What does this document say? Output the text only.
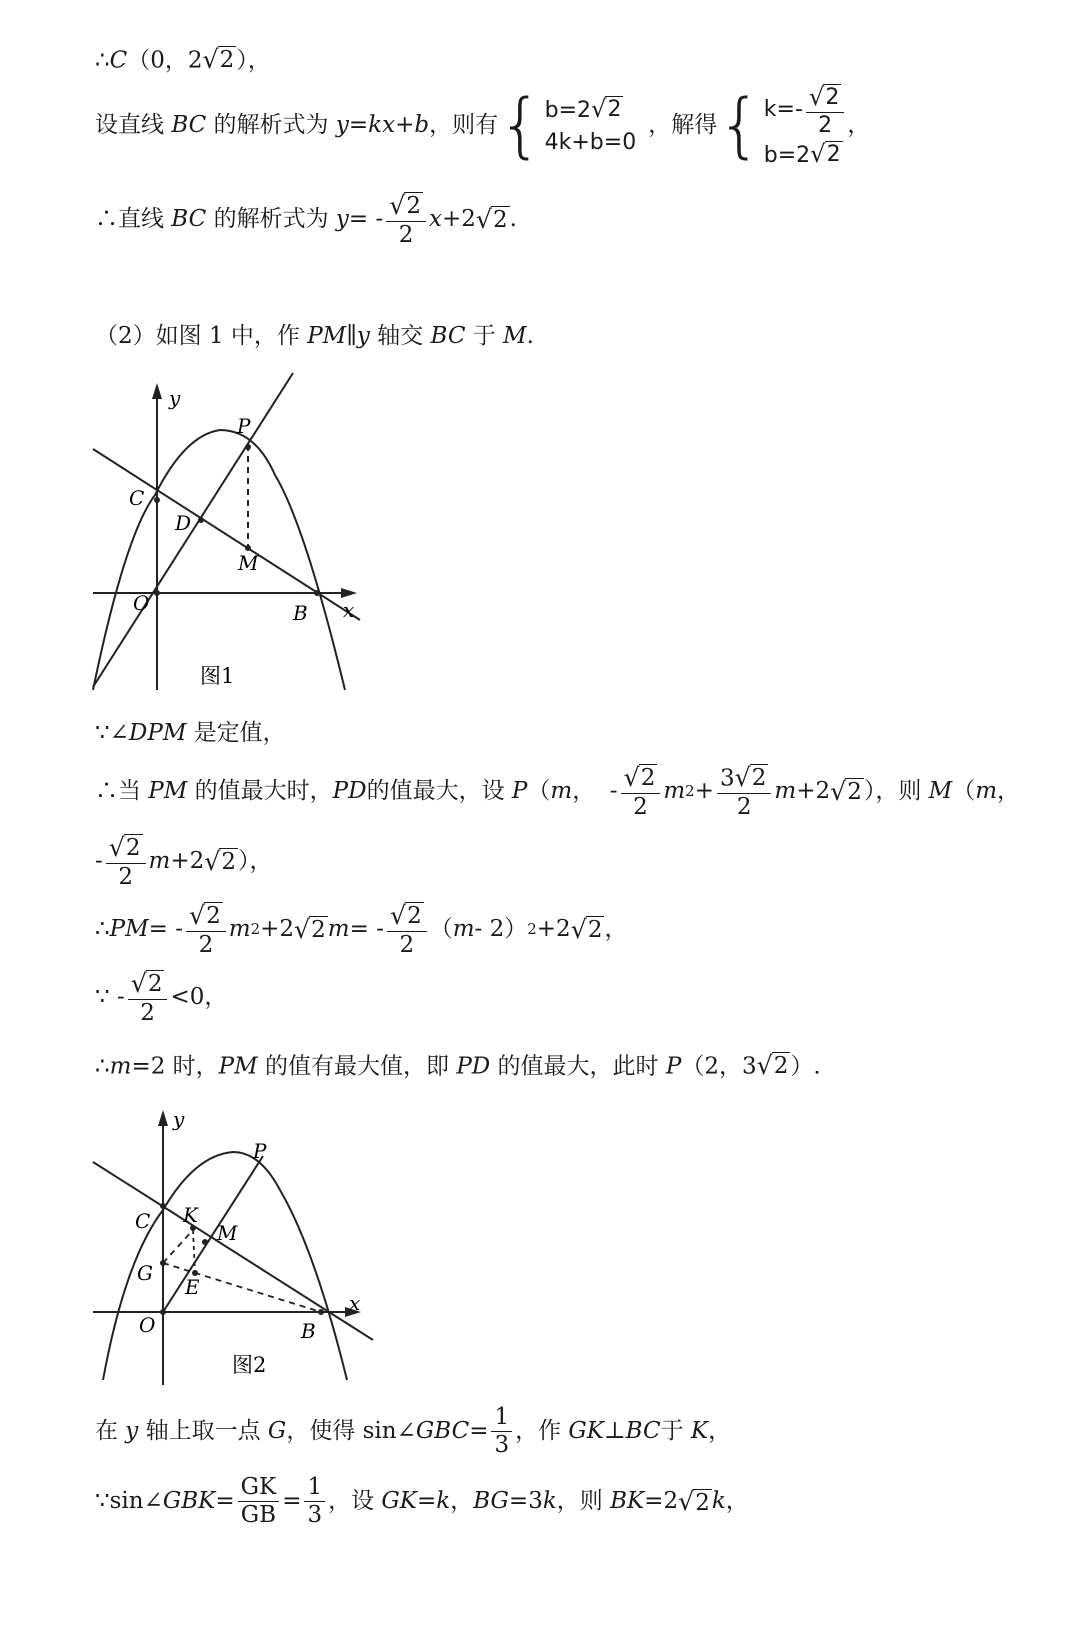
∴C（0，2 √ 2 ），
设直线 BC 的解析式为 y=kx+b，则有 { b=2 √ 2
4k+b=0
，解得 { $k=- \frac{√ 2}{2}$
b=2 √ 2
，
∴直线 BC 的解析式为 y = - $\frac{√ 2}{2}$ x +2 √ 2 .
（2）如图 1 中，作 PM∥y 轴交 BC 于 M.
y
x
P
C
D
M
O	B
图1
∵∠DPM 是定值，
∴当 PM 的值最大时， PD 的值最大，设 P （ m ，  - $\frac{√ 2}{2}$ m $2 + \frac{3 √ 2}{2}$ m +2 √ 2 ），则 M （ m ，
- $\frac{√ 2}{2}$ m +2 √ 2 ），
∴ PM = - $\frac{√ 2}{2}$ m 2 +2 √ 2 m = - $\frac{√ 2}{2}$ （ m - 2） 2 +2 √ 2 ，
∵ - $\frac{√ 2}{2} <0$，
∴m=2 时，PM 的值有最大值，即 PD 的值最大，此时 P（2，3 √ 2 ）.
y
x
P
C K
M
G
E
O	B
图2
在 y 轴上取一点 G ，使得 sin∠ GBC = $\frac{1}{3}$ ，作 GK ⊥ BC 于 K ，
∵sin∠ GBK = $\frac{GK}{GB} = \frac{1}{3}$ ，设 GK = k ， BG =3 k ，则 BK =2 √ 2 k ，
